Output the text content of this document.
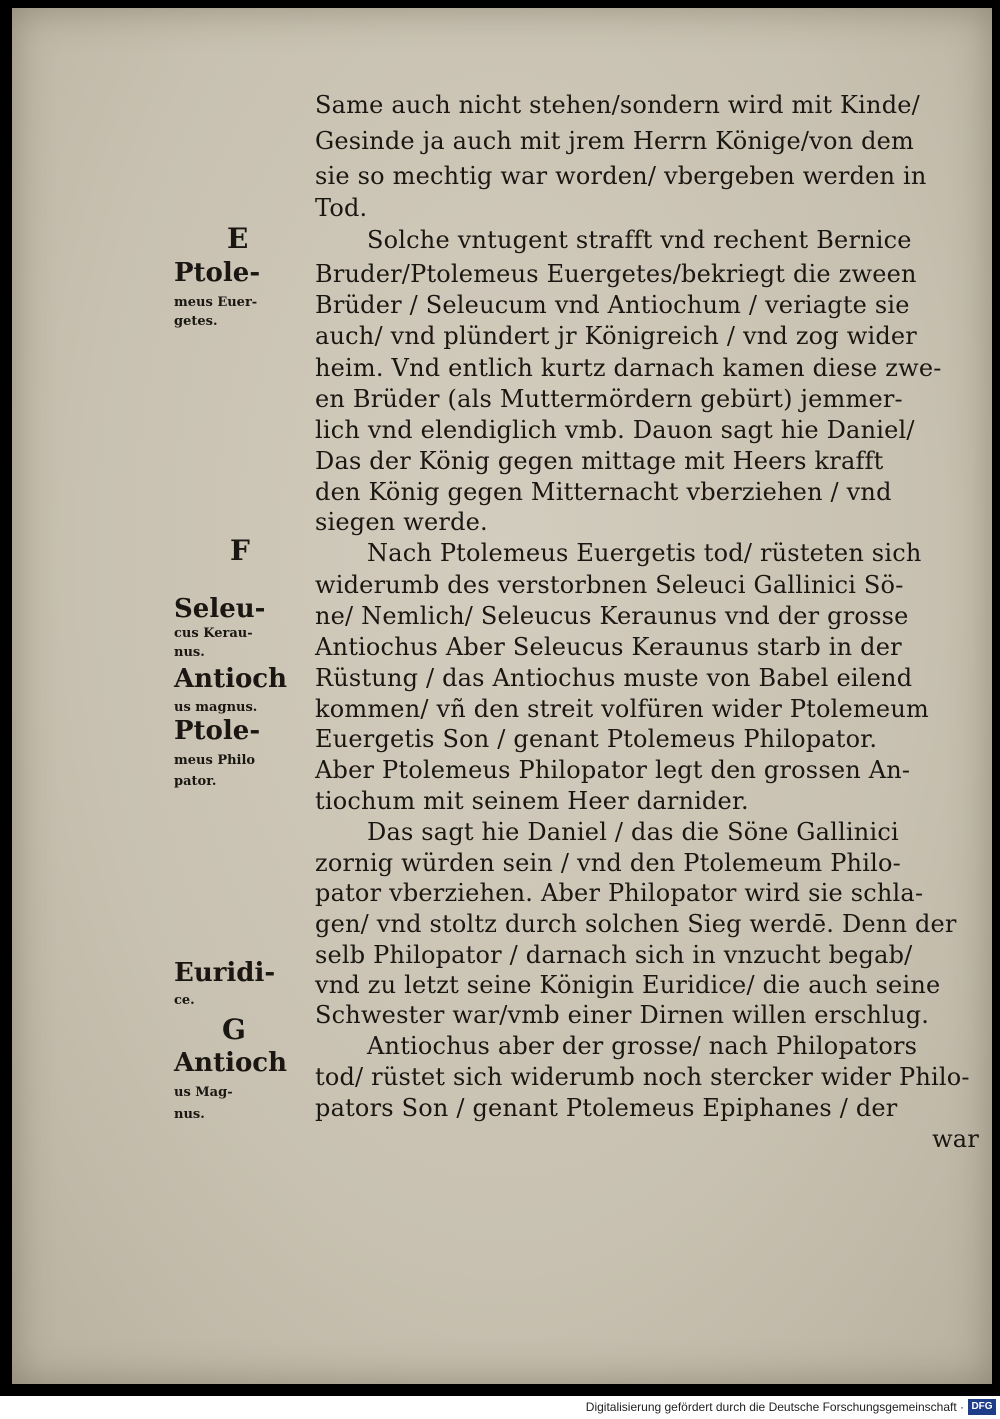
Same auch nicht stehen/sondern wird mit Kinde/
Gesinde ja auch mit jrem Herrn Könige/von dem
sie so mechtig war worden/ vbergeben werden in
Tod.
Solche vntugent strafft vnd rechent Bernice
Bruder/Ptolemeus Euergetes/bekriegt die zween
Brüder / Seleucum vnd Antiochum / veriagte sie
auch/ vnd plündert jr Königreich / vnd zog wider
heim. Vnd entlich kurtz darnach kamen diese zwe-
en Brüder (als Muttermördern gebürt) jemmer-
lich vnd elendiglich vmb. Dauon sagt hie Daniel/
Das der König gegen mittage mit Heers krafft
den König gegen Mitternacht vberziehen / vnd
siegen werde.
Nach Ptolemeus Euergetis tod/ rüsteten sich
widerumb des verstorbnen Seleuci Gallinici Sö-
ne/ Nemlich/ Seleucus Keraunus vnd der grosse
Antiochus Aber Seleucus Keraunus starb in der
Rüstung / das Antiochus muste von Babel eilend
kommen/ vñ den streit volfüren wider Ptolemeum
Euergetis Son / genant Ptolemeus Philopator.
Aber Ptolemeus Philopator legt den grossen An-
tiochum mit seinem Heer darnider.
Das sagt hie Daniel / das die Söne Gallinici
zornig würden sein / vnd den Ptolemeum Philo-
pator vberziehen. Aber Philopator wird sie schla-
gen/ vnd stoltz durch solchen Sieg werdē. Denn der
selb Philopator / darnach sich in vnzucht begab/
vnd zu letzt seine Königin Euridice/ die auch seine
Schwester war/vmb einer Dirnen willen erschlug.
Antiochus aber der grosse/ nach Philopators
tod/ rüstet sich widerumb noch stercker wider Philo-
pators Son / genant Ptolemeus Epiphanes / der
war
E
Ptole-
meus Euer-
getes.
F
Seleu-
cus Kerau-
nus.
Antioch
us magnus.
Ptole-
meus Philo
pator.
Euridi-
ce.
G
Antioch
us Mag-
nus.
Digitalisierung gefördert durch die Deutsche Forschungsgemeinschaft · DFG
